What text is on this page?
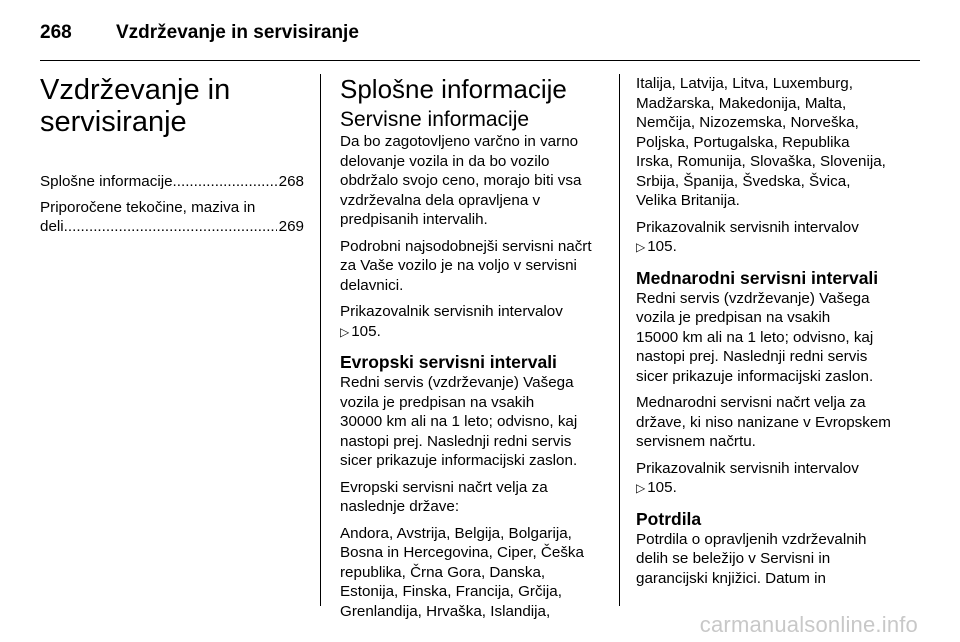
268 Vzdrževanje in servisiranje
Vzdrževanje in
servisiranje
Splošne informacije .....	268
Priporočene tekočine, maziva in
deli .....	269
Splošne informacije
Servisne informacije

Da bo zagotovljeno varčno in varno
delovanje vozila in da bo vozilo
obdržalo svojo ceno, morajo biti vsa
vzdrževalna dela opravljena v
predpisanih intervalih.

Podrobni najsodobnejši servisni načrt
za Vaše vozilo je na voljo v servisni
delavnici.

Prikazovalnik servisnih intervalov
▷ 105.

Evropski servisni intervali

Redni servis (vzdrževanje) Vašega
vozila je predpisan na vsakih
30000 km ali na 1 leto; odvisno, kaj
nastopi prej. Naslednji redni servis
sicer prikazuje informacijski zaslon.

Evropski servisni načrt velja za
naslednje države:

Andora, Avstrija, Belgija, Bolgarija,
Bosna in Hercegovina, Ciper, Češka
republika, Črna Gora, Danska,
Estonija, Finska, Francija, Grčija,
Grenlandija, Hrvaška, Islandija,

Italija, Latvija, Litva, Luxemburg,
Madžarska, Makedonija, Malta,
Nemčija, Nizozemska, Norveška,
Poljska, Portugalska, Republika
Irska, Romunija, Slovaška, Slovenija,
Srbija, Španija, Švedska, Švica,
Velika Britanija.

Prikazovalnik servisnih intervalov
▷ 105.

Mednarodni servisni intervali

Redni servis (vzdrževanje) Vašega
vozila je predpisan na vsakih
15000 km ali na 1 leto; odvisno, kaj
nastopi prej. Naslednji redni servis
sicer prikazuje informacijski zaslon.

Mednarodni servisni načrt velja za
države, ki niso nanizane v Evropskem
servisnem načrtu.

Prikazovalnik servisnih intervalov
▷ 105.

Potrdila

Potrdila o opravljenih vzdrževalnih
delih se beležijo v Servisni in
garancijski knjižici. Datum in

carmanualsonline.info
